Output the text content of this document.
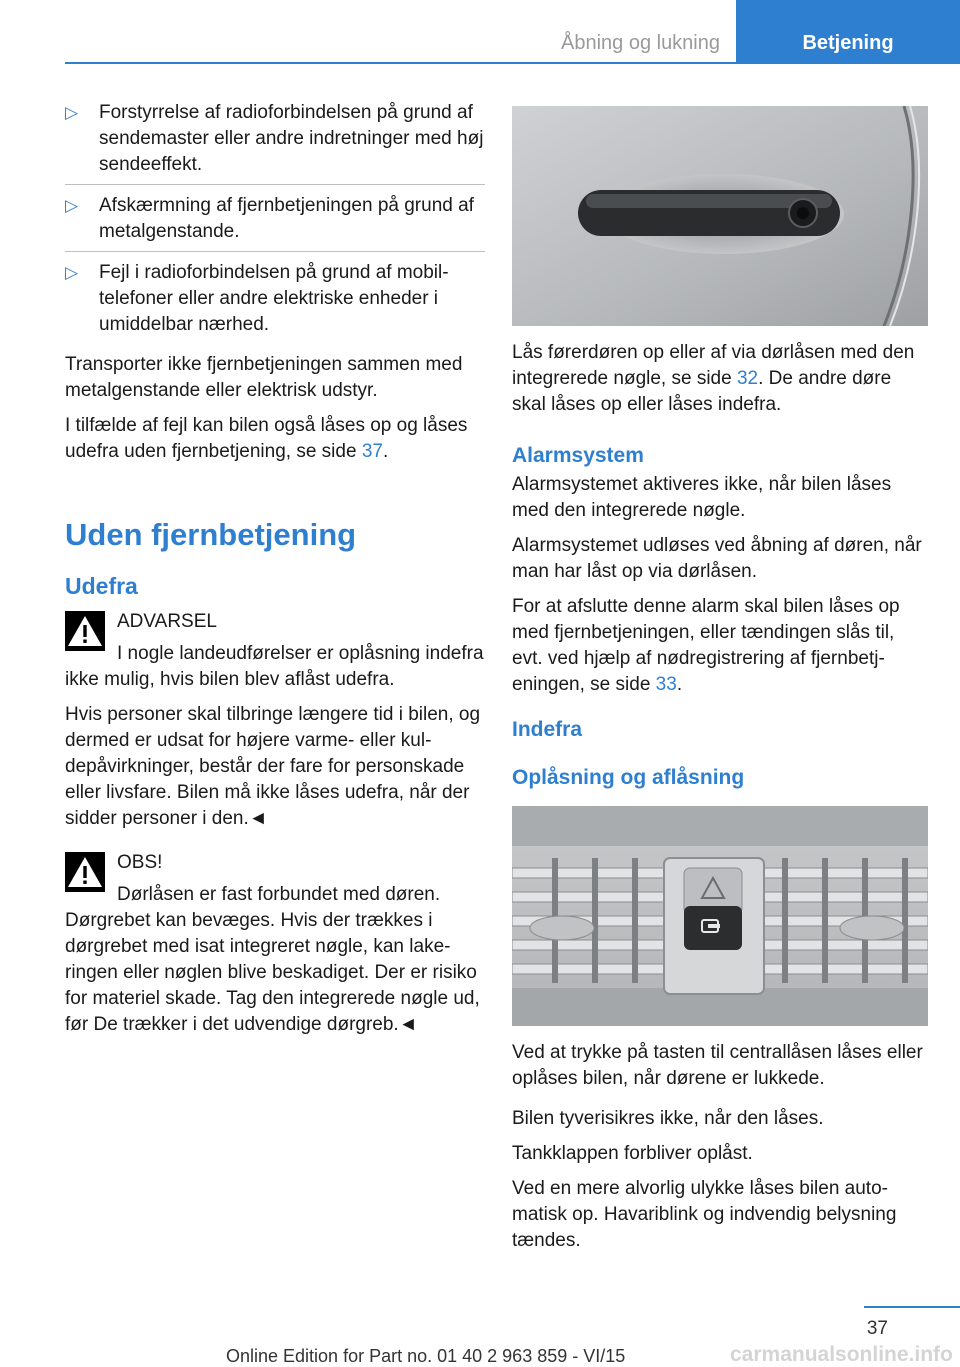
Åbning og lukning	Betjening
▷ Forstyrrelse af radioforbindelsen på grund af sendemaster eller andre indretninger med høj sendeeffekt.
▷ Afskærmning af fjernbetjeningen på grund af metalgenstande.
▷ Fejl i radioforbindelsen på grund af mobiltelefoner eller andre elektriske enheder i umiddelbar nærhed.

Transporter ikke fjernbetjeningen sammen med metalgenstande eller elektrisk udstyr.

I tilfælde af fejl kan bilen også låses op og låses udefra uden fjernbetjening, se side 37.

Uden fjernbetjening
Udefra

ADVARSEL

I nogle landeudførelser er oplåsning indefra ikke mulig, hvis bilen blev aflåst udefra.

Hvis personer skal tilbringe længere tid i bilen, og dermed er udsat for højere varme- eller kuldepåvirkninger, består der fare for personskade eller livsfare. Bilen må ikke låses udefra, når der sidder personer i den.◄

OBS!

Dørlåsen er fast forbundet med døren. Dørgrebet kan bevæges. Hvis der trækkes i dørgrebet med isat integreret nøgle, kan lakeringen eller nøglen blive beskadiget. Der er risiko for materiel skade. Tag den integrerede nøgle ud, før De trækker i det udvendige dørgreb.◄

Lås førerdøren op eller af via dørlåsen med den integrerede nøgle, se side 32. De andre døre skal låses op eller låses indefra.

Alarmsystem

Alarmsystemet aktiveres ikke, når bilen låses med den integrerede nøgle.

Alarmsystemet udløses ved åbning af døren, når man har låst op via dørlåsen.

For at afslutte denne alarm skal bilen låses op med fjernbetjeningen, eller tændingen slås til, evt. ved hjælp af nødregistrering af fjernbetjeningen, se side 33.

Indefra
Oplåsning og aflåsning

Ved at trykke på tasten til centrallåsen låses eller oplåses bilen, når dørene er lukkede.

Bilen tyverisikres ikke, når den låses.

Tankklappen forbliver oplåst.

Ved en mere alvorlig ulykke låses bilen automatisk op. Havariblink og indvendig belysning tændes.

37
carmanualsonline.info
Online Edition for Part no. 01 40 2 963 859 - VI/15
